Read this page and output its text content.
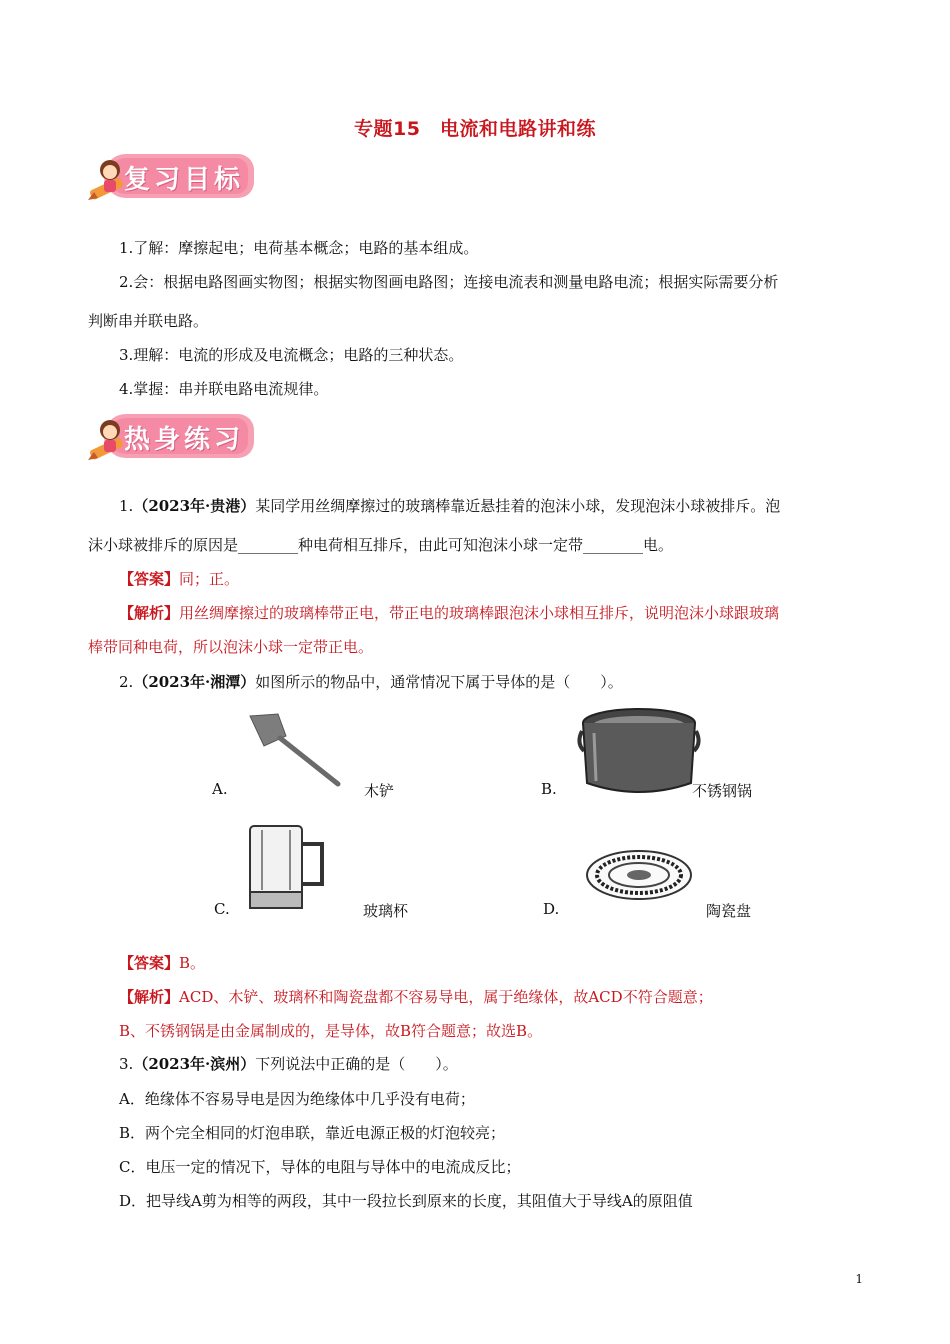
专题15　电流和电路讲和练
复习目标
1.了解：摩擦起电；电荷基本概念；电路的基本组成。
2.会：根据电路图画实物图；根据实物图画电路图；连接电流表和测量电路电流；根据实际需要分析
判断串并联电路。
3.理解：电流的形成及电流概念；电路的三种状态。
4.掌握：串并联电路电流规律。
热身练习
1.（2023年·贵港）某同学用丝绸摩擦过的玻璃棒靠近悬挂着的泡沫小球，发现泡沫小球被排斥。泡
沫小球被排斥的原因是________种电荷相互排斥，由此可知泡沫小球一定带________电。
【答案】同；正。
【解析】用丝绸摩擦过的玻璃棒带正电，带正电的玻璃棒跟泡沫小球相互排斥，说明泡沫小球跟玻璃
棒带同种电荷，所以泡沫小球一定带正电。
2.（2023年·湘潭）如图所示的物品中，通常情况下属于导体的是（　　）。
A.	木铲	B.	不锈钢锅
C.	玻璃杯	D.	陶瓷盘
【答案】B。
【解析】ACD、木铲、玻璃杯和陶瓷盘都不容易导电，属于绝缘体，故ACD不符合题意；
B、不锈钢锅是由金属制成的，是导体，故B符合题意；故选B。
3.（2023年·滨州）下列说法中正确的是（　　）。
A．绝缘体不容易导电是因为绝缘体中几乎没有电荷；
B．两个完全相同的灯泡串联，靠近电源正极的灯泡较亮；
C．电压一定的情况下，导体的电阻与导体中的电流成反比；
D．把导线A剪为相等的两段，其中一段拉长到原来的长度，其阻值大于导线A的原阻值
1
